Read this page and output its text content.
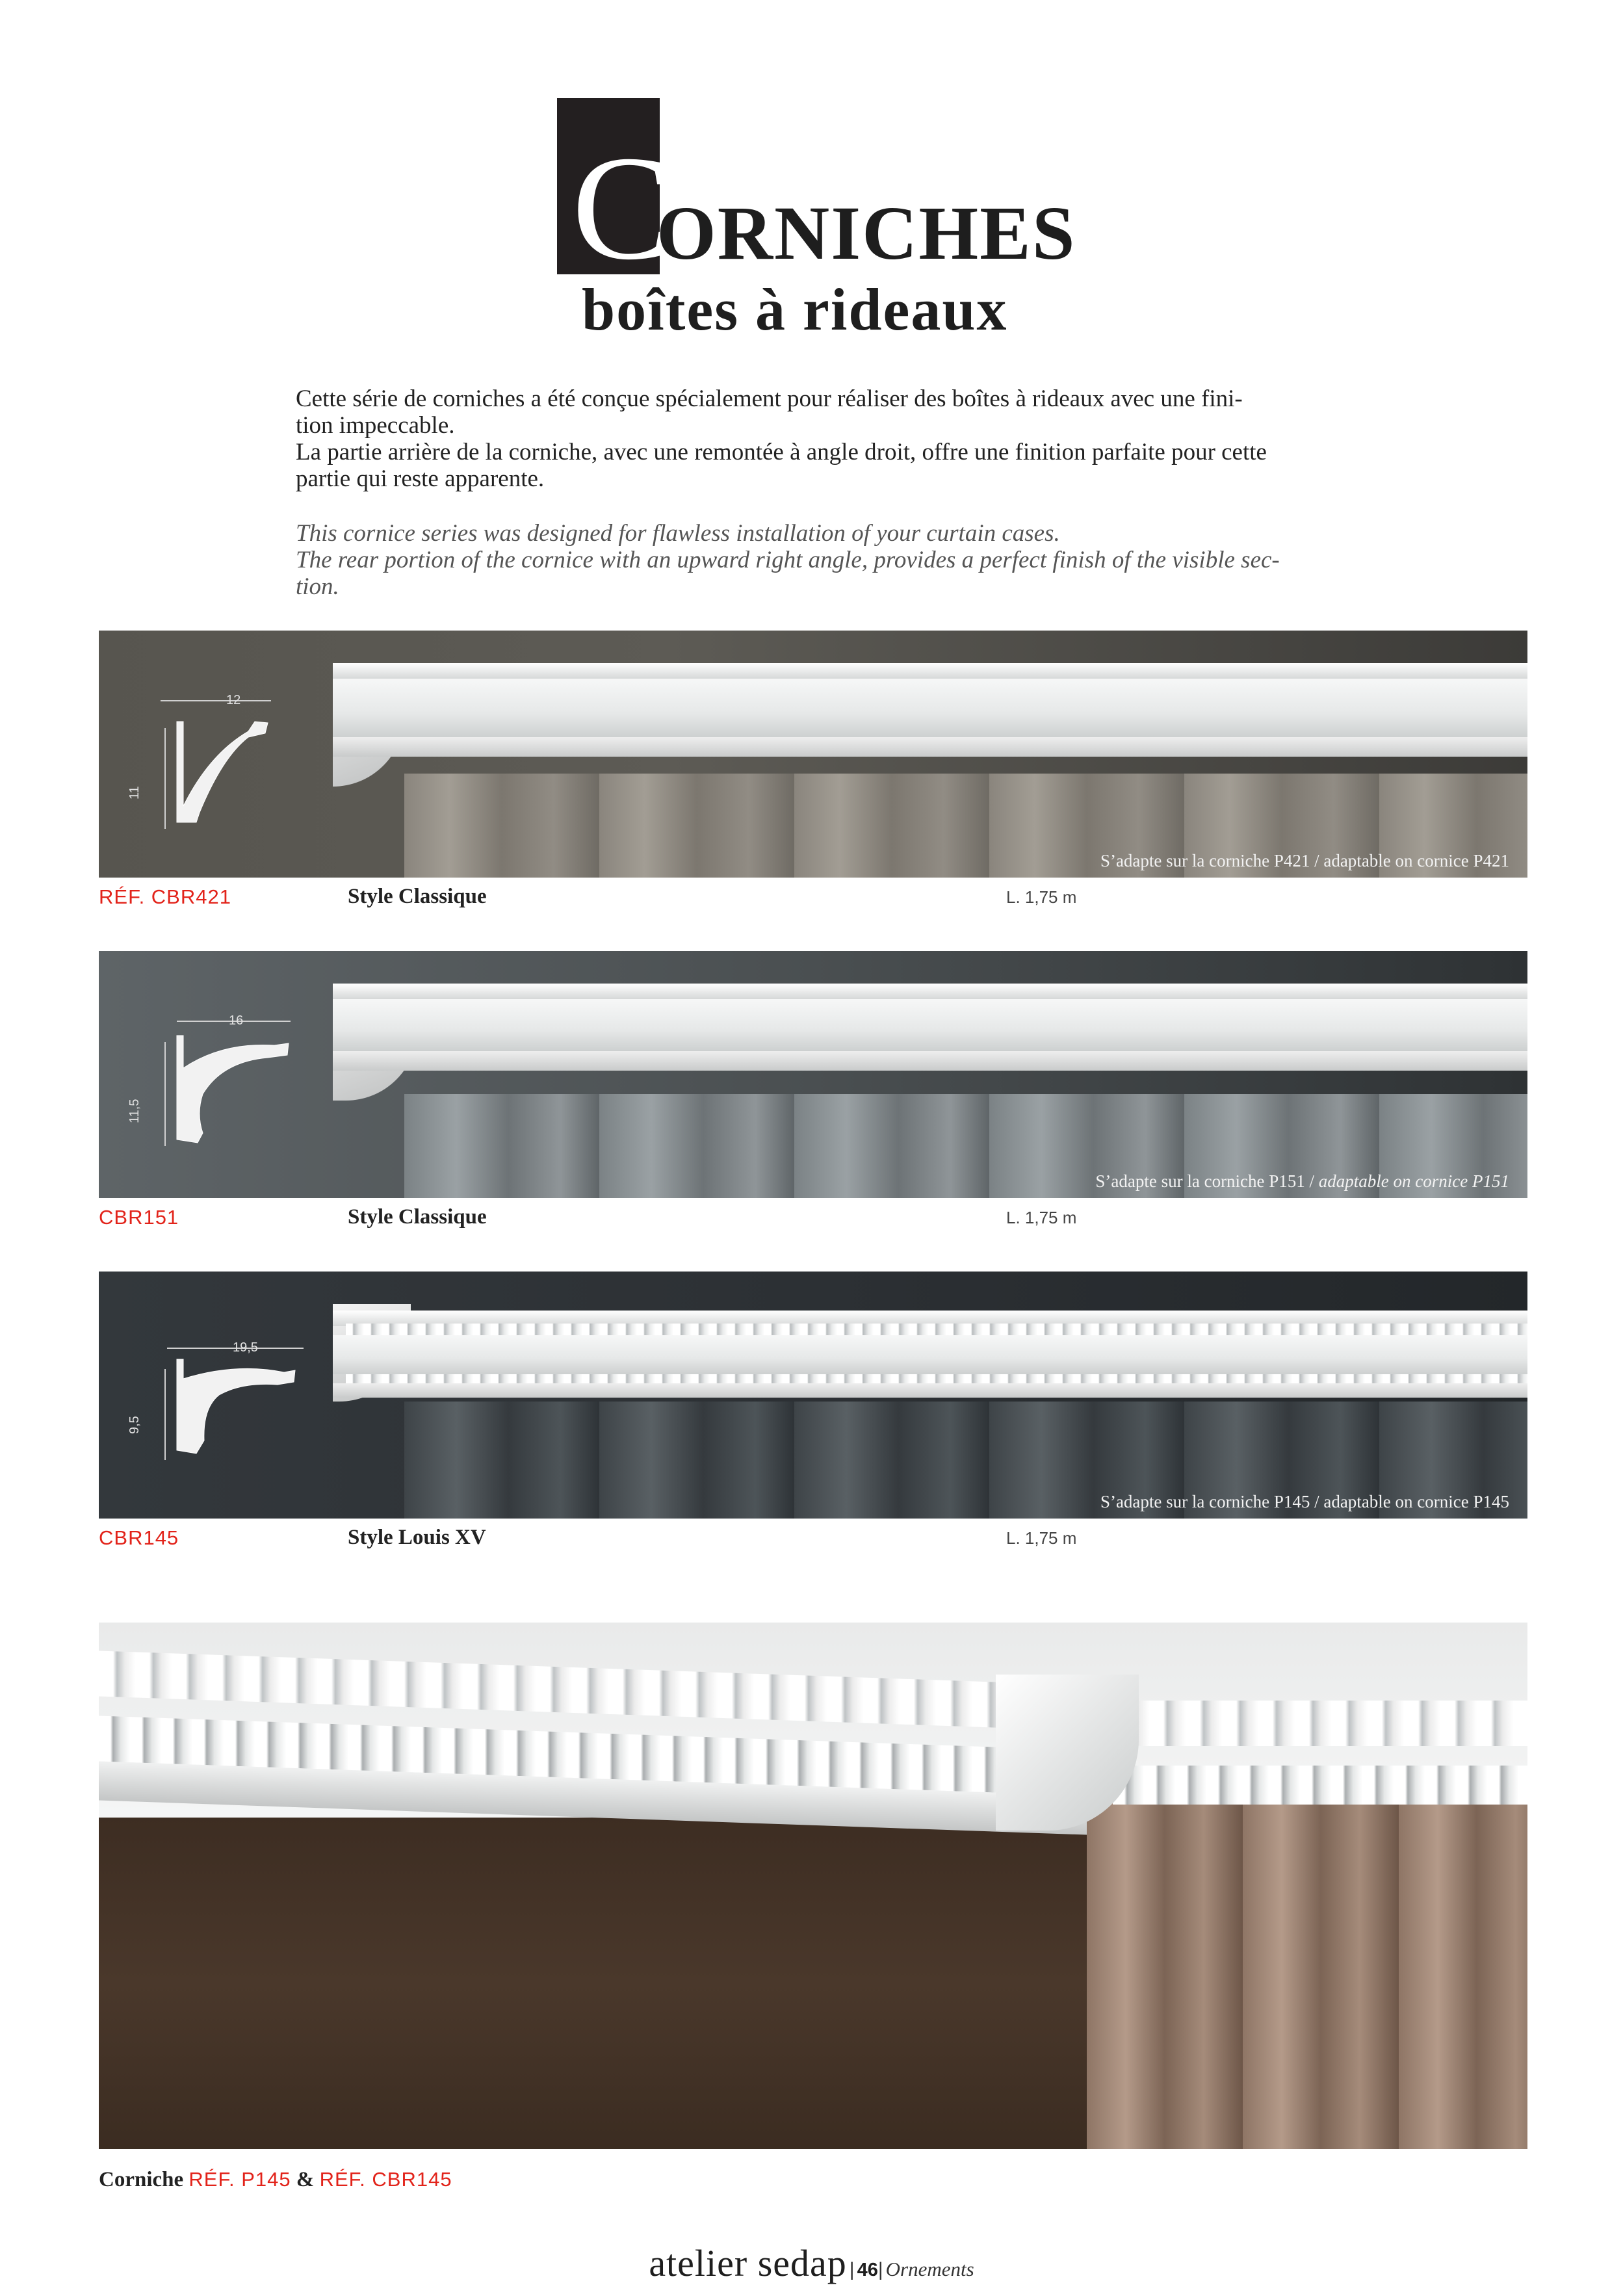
C
ORNICHES
boîtes à rideaux
Cette série de corniches a été conçue spécialement pour réaliser des boîtes à rideaux avec une fini-
tion impeccable.
La partie arrière de la corniche, avec une remontée à angle droit, offre une finition parfaite pour cette
partie qui reste apparente.
This cornice series was designed for flawless installation of your curtain cases.
The rear portion of the cornice with an upward right angle, provides a perfect finish of the visible sec-
tion.
12
11
S’adapte sur la corniche P421 / adaptable on cornice P421
RÉF. CBR421	Style Classique	L. 1,75 m
16
11,5
S’adapte sur la corniche P151 / adaptable on cornice P151
CBR151	Style Classique	L. 1,75 m
19,5
9,5
S’adapte sur la corniche P145 / adaptable on cornice P145
CBR145	Style Louis XV	L. 1,75 m
Corniche RÉF. P145 & RÉF. CBR145
atelier sedap | 46| Ornements
